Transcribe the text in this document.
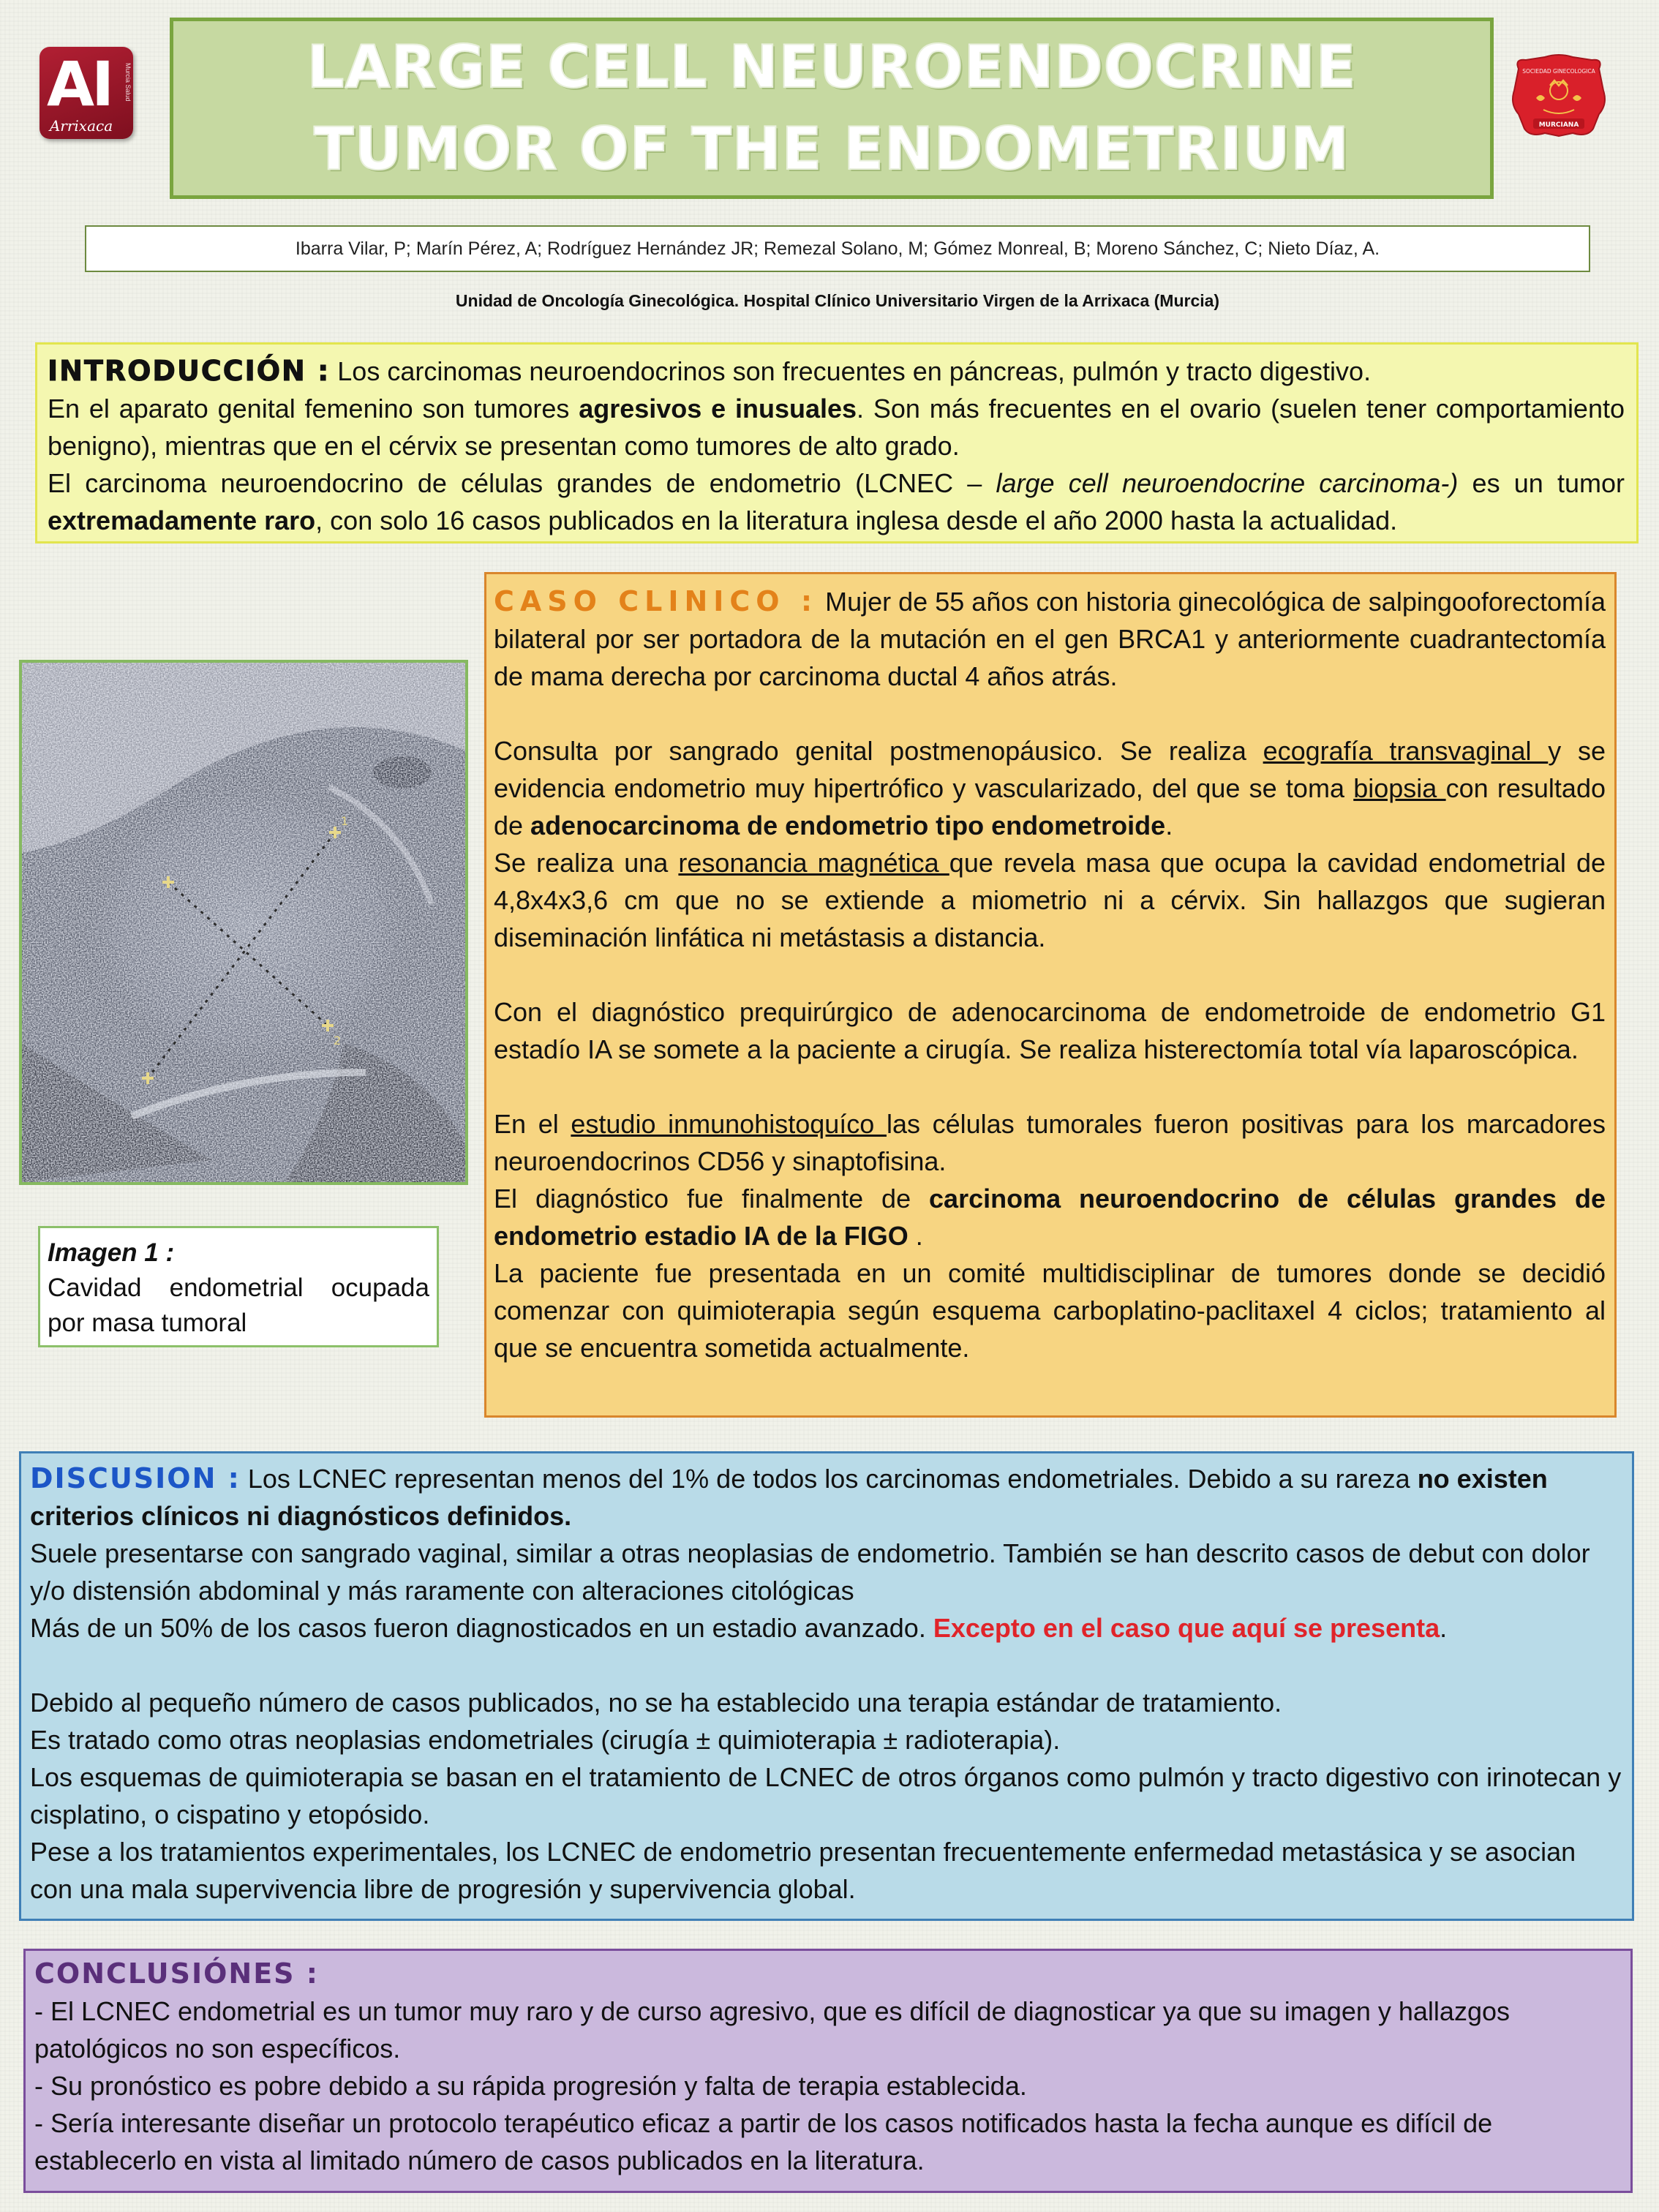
AI Murcia Salud
Arrixaca
SOCIEDAD GINECOLOGICA
MURCIANA
LARGE CELL NEUROENDOCRINE
TUMOR OF THE ENDOMETRIUM
Ibarra Vilar, P; Marín Pérez, A; Rodríguez Hernández JR; Remezal Solano, M; Gómez Monreal, B; Moreno Sánchez, C; Nieto Díaz, A.
Unidad de Oncología Ginecológica. Hospital Clínico Universitario Virgen de la Arrixaca (Murcia)

INTRODUCCIÓN : Los carcinomas neuroendocrinos son frecuentes en páncreas, pulmón y tracto digestivo.

En el aparato genital femenino son tumores agresivos e inusuales. Son más frecuentes en el ovario (suelen tener comportamiento benigno), mientras que en el cérvix se presentan como tumores de alto grado.

El carcinoma neuroendocrino de células grandes de endometrio (LCNEC – large cell neuroendocrine carcinoma-) es un tumor extremadamente raro, con solo 16 casos publicados en la literatura inglesa desde el año 2000 hasta la actualidad.

1
2
Imagen 1 :
Cavidad endometrial ocupada por masa tumoral

CASO CLINICO : Mujer de 55 años con historia ginecológica de salpingooforectomía bilateral por ser portadora de la mutación en el gen BRCA1 y anteriormente cuadrantectomía de mama derecha por carcinoma ductal 4 años atrás.

Consulta por sangrado genital postmenopáusico. Se realiza ecografía transvaginal y se evidencia endometrio muy hipertrófico y vascularizado, del que se toma biopsia con resultado de adenocarcinoma de endometrio tipo endometroide.

Se realiza una resonancia magnética que revela masa que ocupa la cavidad endometrial de 4,8x4x3,6 cm que no se extiende a miometrio ni a cérvix. Sin hallazgos que sugieran diseminación linfática ni metástasis a distancia.

Con el diagnóstico prequirúrgico de adenocarcinoma de endometroide de endometrio G1 estadío IA se somete a la paciente a cirugía. Se realiza histerectomía total vía laparoscópica.

En el estudio inmunohistoquíco las células tumorales fueron positivas para los marcadores neuroendocrinos CD56 y sinaptofisina.

El diagnóstico fue finalmente de carcinoma neuroendocrino de células grandes de endometrio estadio IA de la FIGO .

La paciente fue presentada en un comité multidisciplinar de tumores donde se decidió comenzar con quimioterapia según esquema carboplatino-paclitaxel 4 ciclos; tratamiento al que se encuentra sometida actualmente.

DISCUSION : Los LCNEC representan menos del 1% de todos los carcinomas endometriales. Debido a su rareza no existen criterios clínicos ni diagnósticos definidos.

Suele presentarse con sangrado vaginal, similar a otras neoplasias de endometrio. También se han descrito casos de debut con dolor y/o distensión abdominal y más raramente con alteraciones citológicas

Más de un 50% de los casos fueron diagnosticados en un estadio avanzado. Excepto en el caso que aquí se presenta.

Debido al pequeño número de casos publicados, no se ha establecido una terapia estándar de tratamiento.

Es tratado como otras neoplasias endometriales (cirugía ± quimioterapia ± radioterapia).

Los esquemas de quimioterapia se basan en el tratamiento de LCNEC de otros órganos como pulmón y tracto digestivo con irinotecan y cisplatino, o cispatino y etopósido.

Pese a los tratamientos experimentales, los LCNEC de endometrio presentan frecuentemente enfermedad metastásica y se asocian con una mala supervivencia libre de progresión y supervivencia global.

CONCLUSIÓNES :

- El LCNEC endometrial es un tumor muy raro y de curso agresivo, que es difícil de diagnosticar ya que su imagen y hallazgos patológicos no son específicos.

- Su pronóstico es pobre debido a su rápida progresión y falta de terapia establecida.

- Sería interesante diseñar un protocolo terapéutico eficaz a partir de los casos notificados hasta la fecha aunque es difícil de establecerlo en vista al limitado número de casos publicados en la literatura.
